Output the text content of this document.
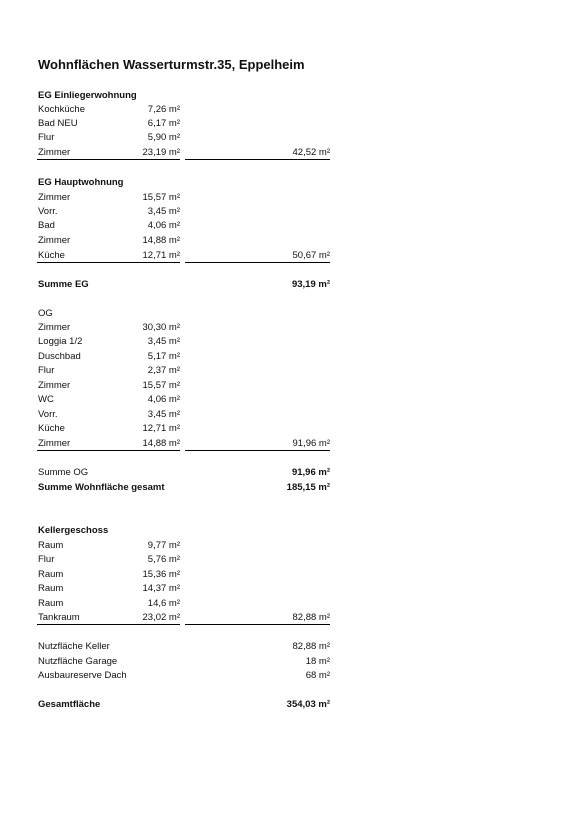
Wohnflächen Wasserturmstr.35, Eppelheim
EG Einliegerwohnung
Kochküche	7,26 m²
Bad NEU	6,17 m²
Flur	5,90 m²
Zimmer	23,19 m²	42,52 m²
EG Hauptwohnung
Zimmer	15,57 m²
Vorr.	3,45 m²
Bad	4,06 m²
Zimmer	14,88 m²
Küche	12,71 m²	50,67 m²
Summe EG	93,19 m²
OG
Zimmer	30,30 m²
Loggia 1/2	3,45 m²
Duschbad	5,17 m²
Flur	2,37 m²
Zimmer	15,57 m²
WC	4,06 m²
Vorr.	3,45 m²
Küche	12,71 m²
Zimmer	14,88 m²	91,96 m²
Summe OG	91,96 m²
Summe Wohnfläche gesamt	185,15 m²
Kellergeschoss
Raum	9,77 m²
Flur	5,76 m²
Raum	15,36 m²
Raum	14,37 m²
Raum	14,6 m²
Tankraum	23,02 m²	82,88 m²
Nutzfläche Keller	82,88 m²
Nutzfläche Garage	18 m²
Ausbaureserve Dach	68 m²
Gesamtfläche	354,03 m²
